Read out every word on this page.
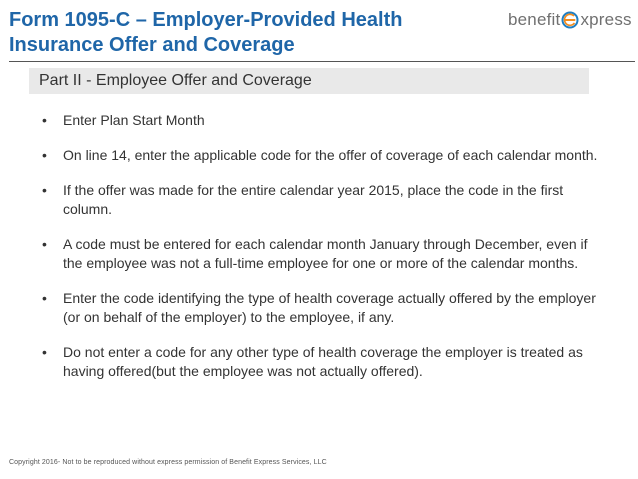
Form 1095-C – Employer-Provided Health Insurance Offer and Coverage
benefit xpress
Part II - Employee Offer and Coverage
• Enter Plan Start Month
• On line 14, enter the applicable code for the offer of coverage of each calendar month.
• If the offer was made for the entire calendar year 2015, place the code in the first column.
• A code must be entered for each calendar month January through December, even if the employee was not a full-time employee for one or more of the calendar months.
• Enter the code identifying the type of health coverage actually offered by the employer (or on behalf of the employer) to the employee, if any.
• Do not enter a code for any other type of health coverage the employer is treated as having offered(but the employee was not actually offered).
Copyright 2016- Not to be reproduced without express permission of Benefit Express Services, LLC
